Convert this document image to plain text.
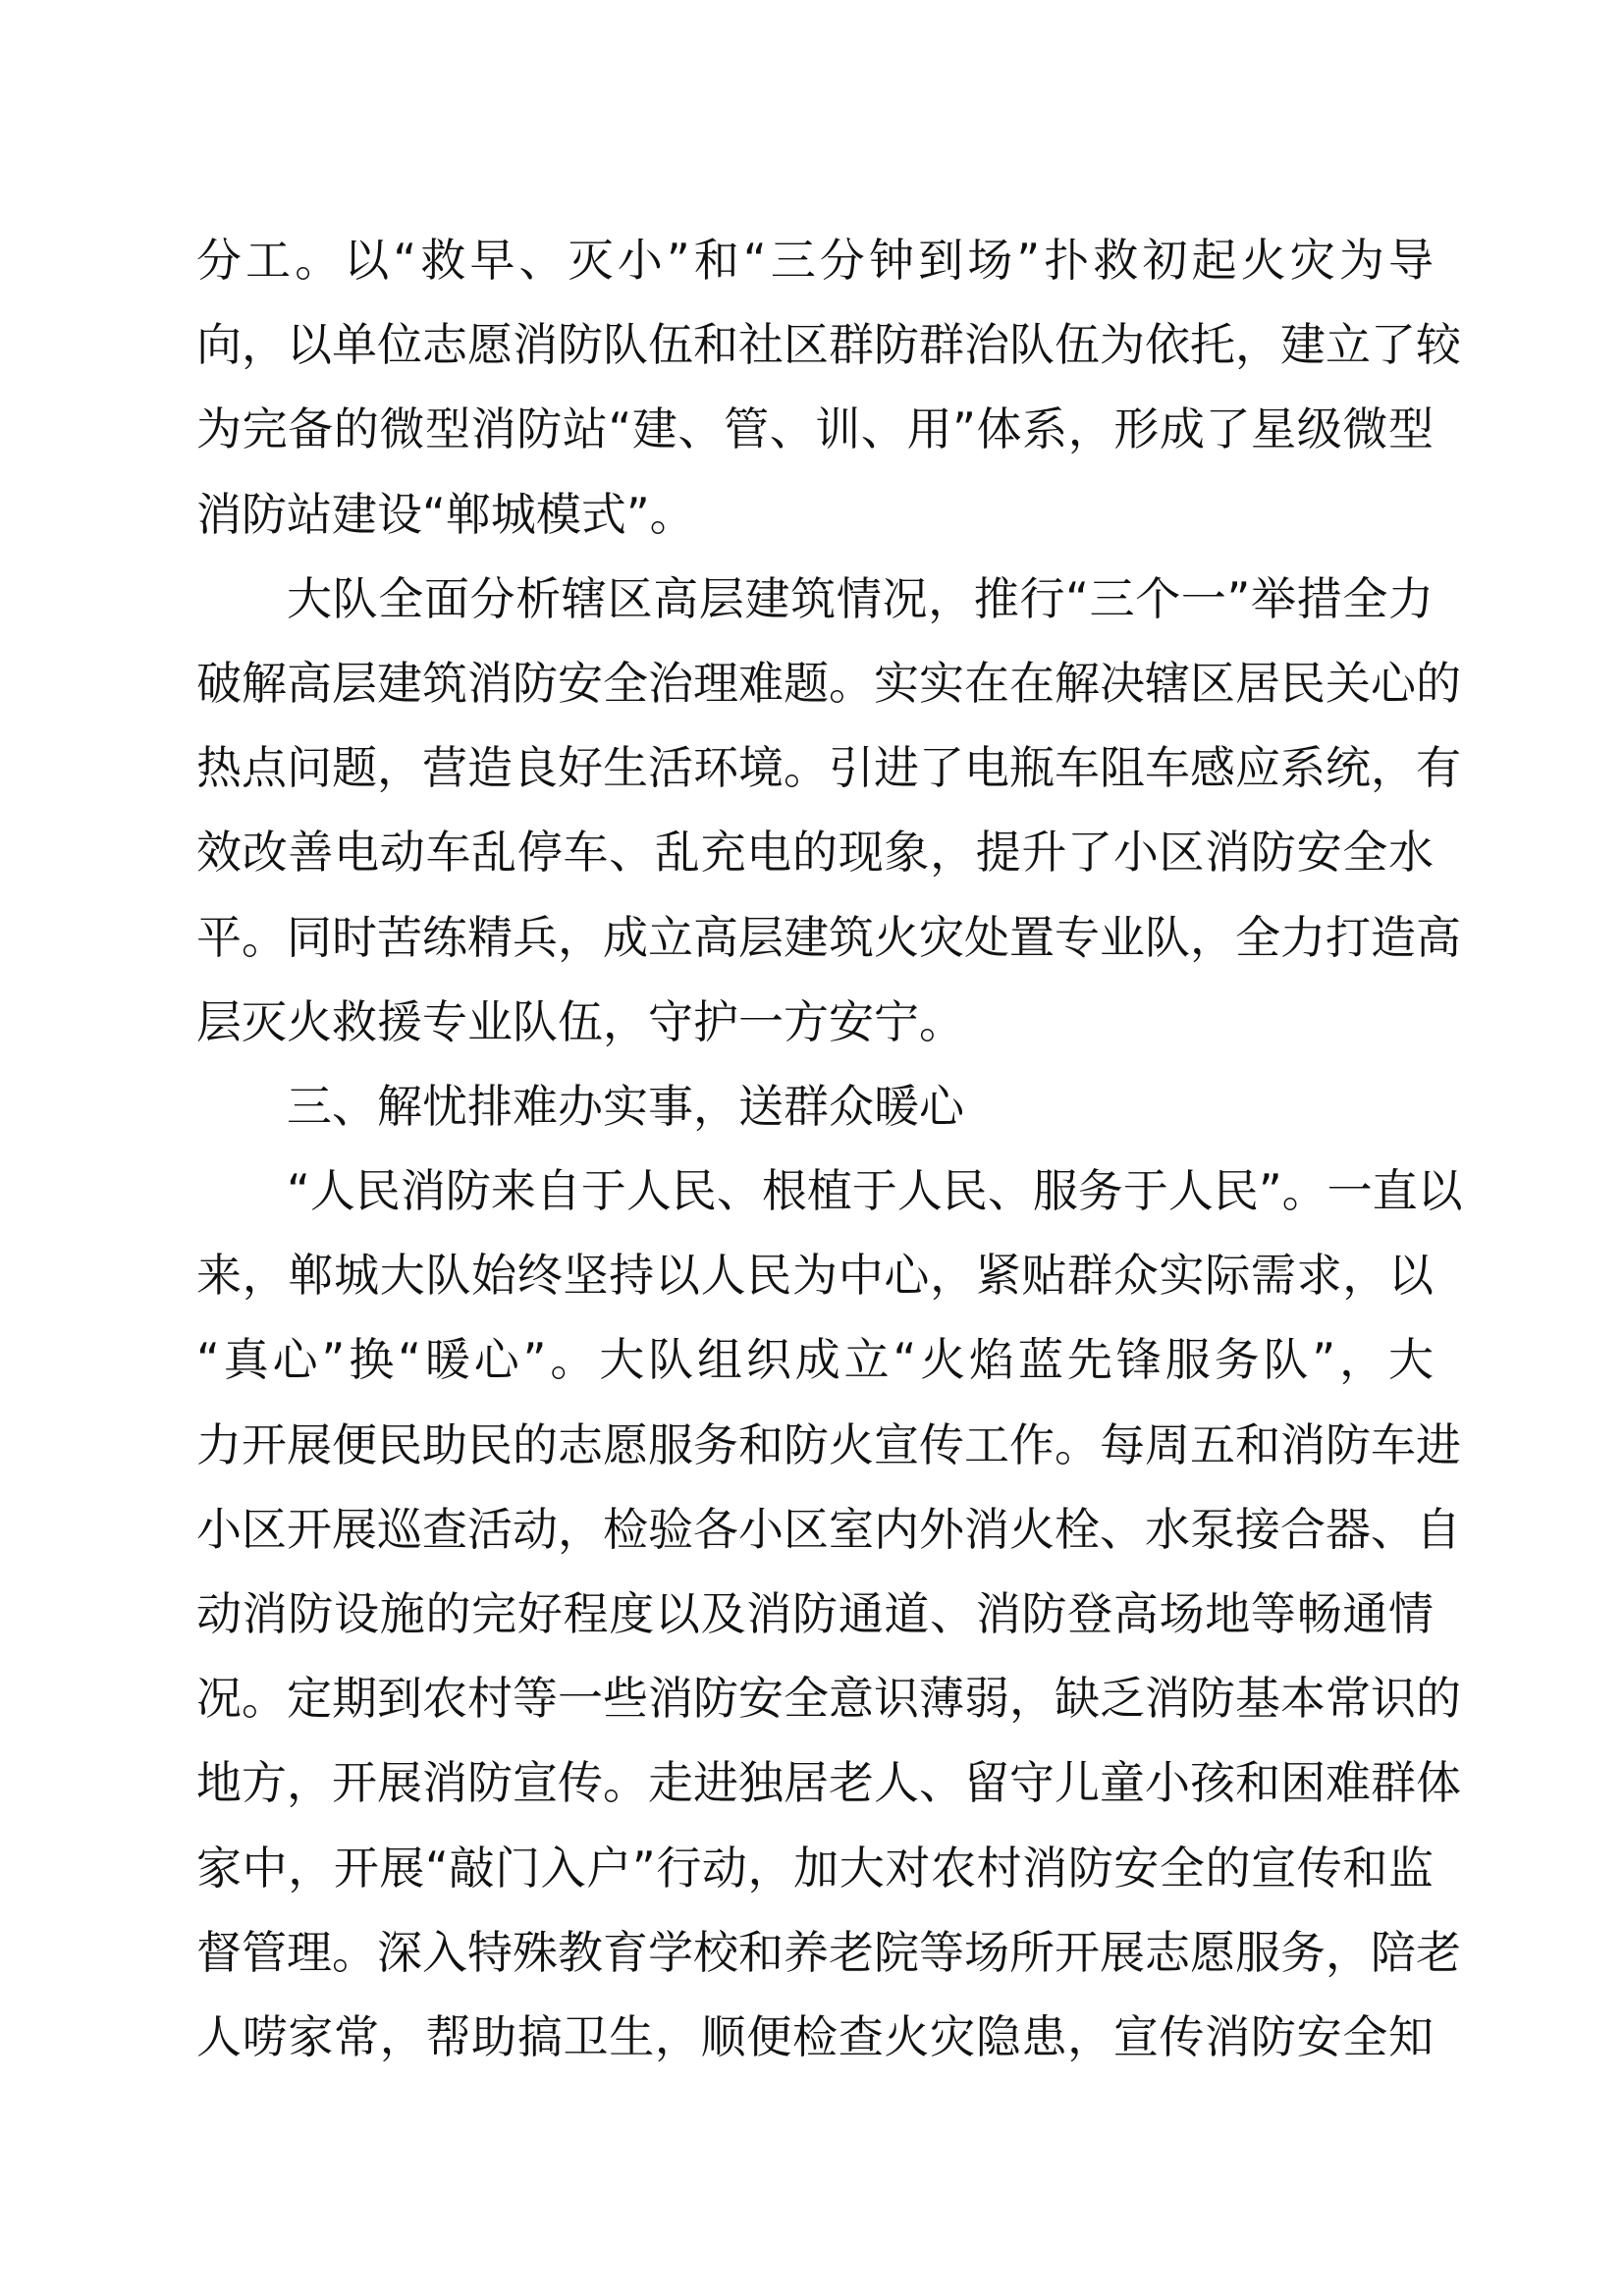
分工。以“救早、灭小”和“三分钟到场”扑救初起火灾为导
向，以单位志愿消防队伍和社区群防群治队伍为依托，建立了较
为完备的微型消防站“建、管、训、用”体系，形成了星级微型
消防站建设“郸城模式”。
大队全面分析辖区高层建筑情况，推行“三个一”举措全力
破解高层建筑消防安全治理难题。实实在在解决辖区居民关心的
热点问题，营造良好生活环境。引进了电瓶车阻车感应系统，有
效改善电动车乱停车、乱充电的现象，提升了小区消防安全水
平。同时苦练精兵，成立高层建筑火灾处置专业队，全力打造高
层灭火救援专业队伍，守护一方安宁。
三、解忧排难办实事，送群众暖心
“人民消防来自于人民、根植于人民、服务于人民”。一直以
来，郸城大队始终坚持以人民为中心，紧贴群众实际需求，以
“真心”换“暖心”。大队组织成立“火焰蓝先锋服务队”，大
力开展便民助民的志愿服务和防火宣传工作。每周五和消防车进
小区开展巡查活动，检验各小区室内外消火栓、水泵接合器、自
动消防设施的完好程度以及消防通道、消防登高场地等畅通情
况。定期到农村等一些消防安全意识薄弱，缺乏消防基本常识的
地方，开展消防宣传。走进独居老人、留守儿童小孩和困难群体
家中，开展“敲门入户”行动，加大对农村消防安全的宣传和监
督管理。深入特殊教育学校和养老院等场所开展志愿服务，陪老
人唠家常，帮助搞卫生，顺便检查火灾隐患，宣传消防安全知
